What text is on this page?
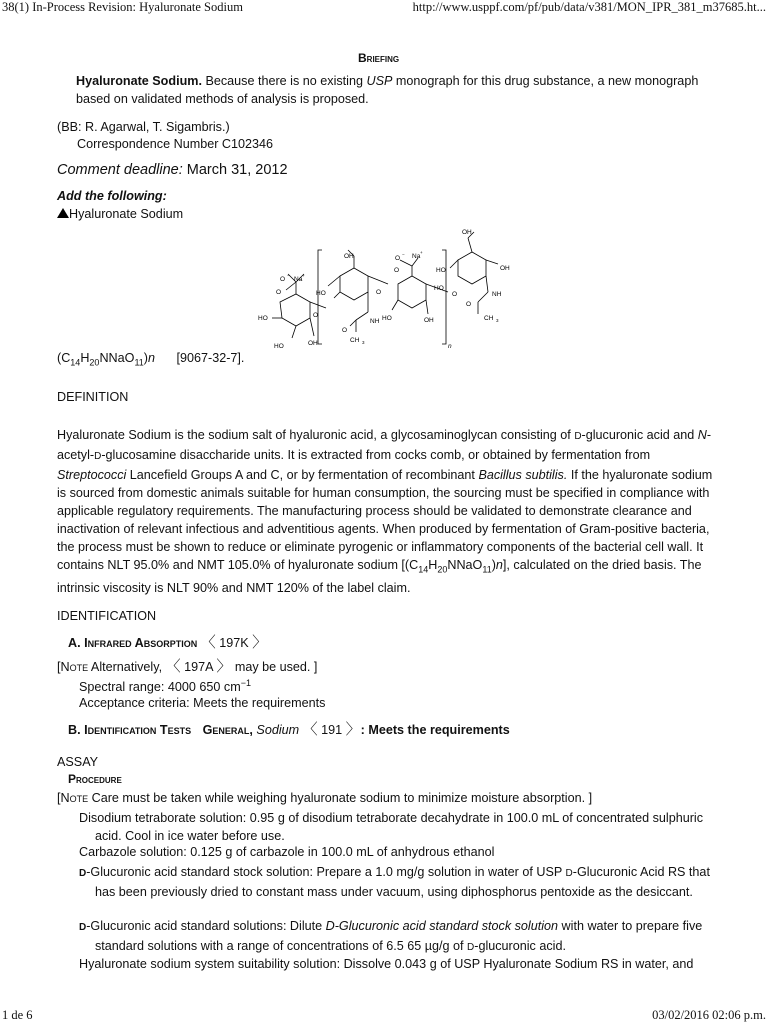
38(1) In-Process Revision: Hyaluronate Sodium	http://www.usppf.com/pf/pub/data/v381/MON_IPR_381_m37685.ht...
Briefing
Hyaluronate Sodium. Because there is no existing USP monograph for this drug substance, a new monograph based on validated methods of analysis is proposed.
(BB: R. Agarwal, T. Sigambris.)
Correspondence Number C102346
Comment deadline: March 31, 2012
Add the following:
Hyaluronate Sodium
O
−
Na
+
O
HO
HO	OH
O
OH
HO
NH
O
CH 3
O
O
− Na
+
O
HO	OH
O
OH
HO
HO
OH
NH
O
CH 3
n
$(C_{14}H_{20}NNaO_{11})n$ [9067-32-7].
DEFINITION
Hyaluronate Sodium is the sodium salt of hyaluronic acid, a glycosaminoglycan consisting of D-glucuronic acid and N-acetyl-D-glucosamine disaccharide units. It is extracted from cocks comb, or obtained by fermentation from Streptococci Lancefield Groups A and C, or by fermentation of recombinant Bacillus subtilis. If the hyaluronate sodium is sourced from domestic animals suitable for human consumption, the sourcing must be specified in compliance with applicable regulatory requirements. The manufacturing process should be validated to demonstrate clearance and inactivation of relevant infectious and adventitious agents. When produced by fermentation of Gram-positive bacteria, the process must be shown to reduce or eliminate pyrogenic or inflammatory components of the bacterial cell wall. It contains NLT 95.0% and NMT 105.0% of hyaluronate sodium $[(C_{14}H_{20}NNaO_{11})n]$, calculated on the dried basis. The intrinsic viscosity is NLT 90% and NMT 120% of the label claim.
IDENTIFICATION
A. Infrared Absorption 〈 197K 〉
[Note Alternatively, 〈 197A 〉 may be used. ]
Spectral range: 4000 650 $cm^{-1}$
Acceptance criteria: Meets the requirements
B. Identification Tests General, Sodium 〈 191 〉: Meets the requirements
ASSAY
Procedure
[Note Care must be taken while weighing hyaluronate sodium to minimize moisture absorption. ]
Disodium tetraborate solution: 0.95 g of disodium tetraborate decahydrate in 100.0 mL of concentrated sulphuric acid. Cool in ice water before use.
Carbazole solution: 0.125 g of carbazole in 100.0 mL of anhydrous ethanol
D-Glucuronic acid standard stock solution: Prepare a 1.0 mg/g solution in water of USP D-Glucuronic Acid RS that has been previously dried to constant mass under vacuum, using diphosphorus pentoxide as the desiccant.
D-Glucuronic acid standard solutions: Dilute D-Glucuronic acid standard stock solution with water to prepare five standard solutions with a range of concentrations of 6.5 65 µg/g of D-glucuronic acid.
Hyaluronate sodium system suitability solution: Dissolve 0.043 g of USP Hyaluronate Sodium RS in water, and
1 de 6	03/02/2016 02:06 p.m.
